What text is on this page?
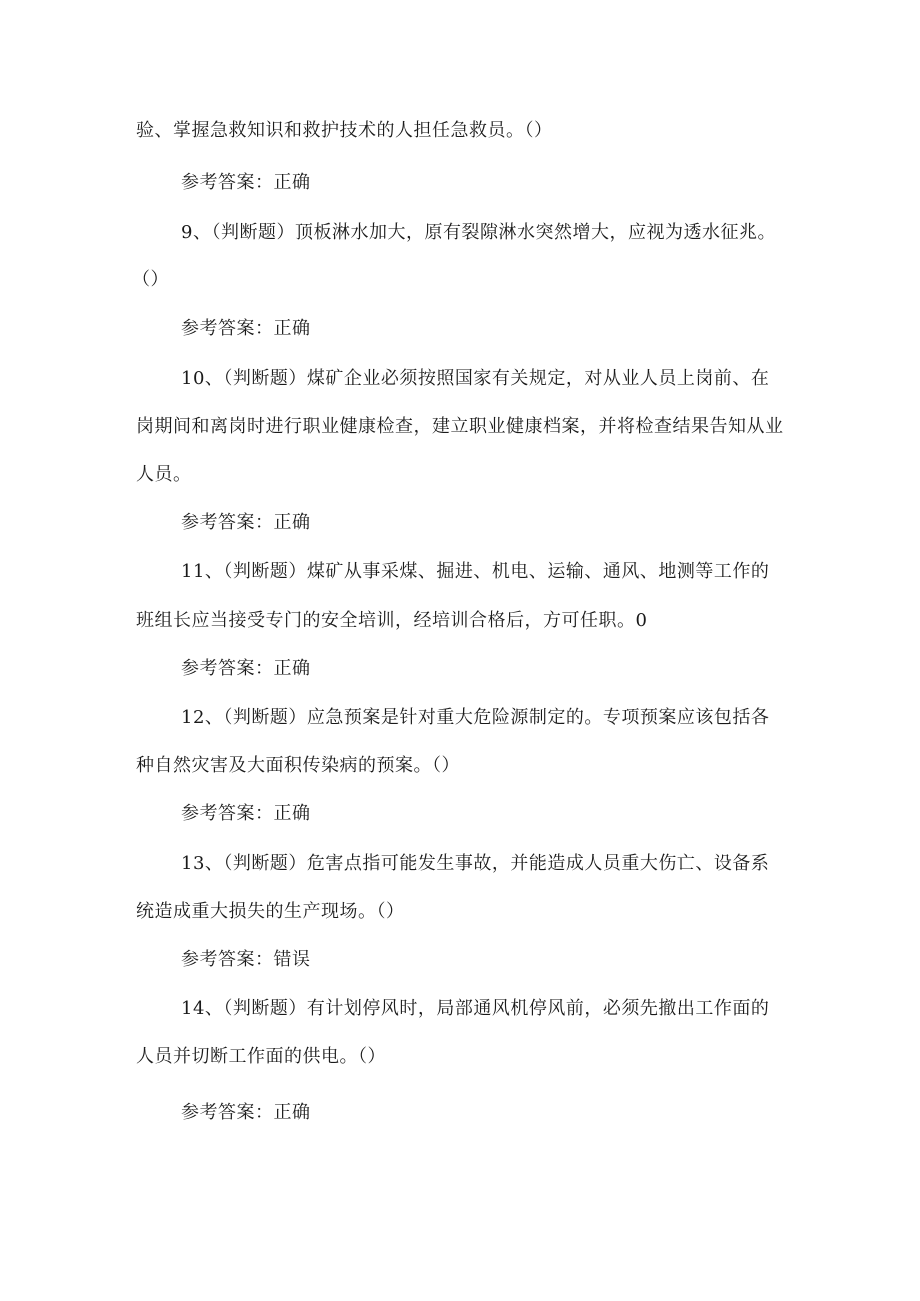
验、掌握急救知识和救护技术的人担任急救员。（）
参考答案：正确
9、（判断题）顶板淋水加大，原有裂隙淋水突然增大，应视为透水征兆。
（）
参考答案：正确
10、（判断题）煤矿企业必须按照国家有关规定，对从业人员上岗前、在
岗期间和离岗时进行职业健康检查，建立职业健康档案，并将检查结果告知从业
人员。
参考答案：正确
11、（判断题）煤矿从事采煤、掘进、机电、运输、通风、地测等工作的
班组长应当接受专门的安全培训，经培训合格后，方可任职。0
参考答案：正确
12、（判断题）应急预案是针对重大危险源制定的。专项预案应该包括各
种自然灾害及大面积传染病的预案。（）
参考答案：正确
13、（判断题）危害点指可能发生事故，并能造成人员重大伤亡、设备系
统造成重大损失的生产现场。（）
参考答案：错误
14、（判断题）有计划停风时，局部通风机停风前，必须先撤出工作面的
人员并切断工作面的供电。（）
参考答案：正确
